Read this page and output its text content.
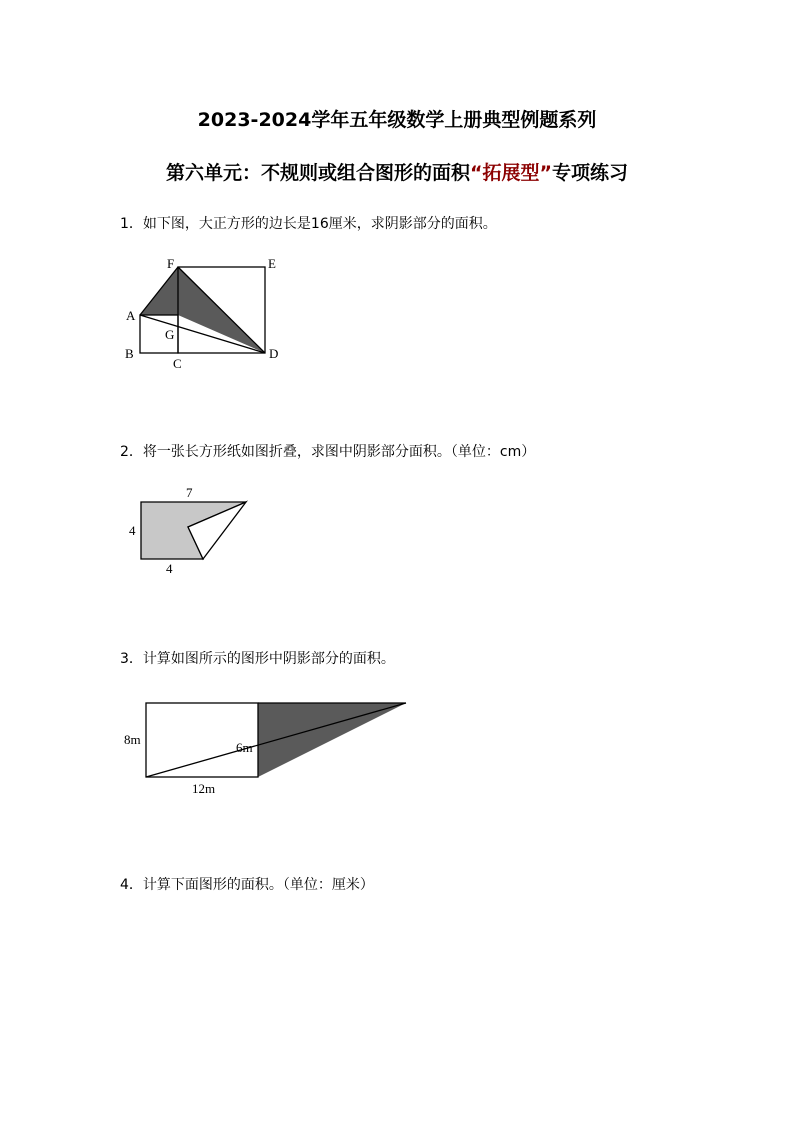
2023-2024学年五年级数学上册典型例题系列
第六单元：不规则或组合图形的面积“拓展型”专项练习
1．如下图，大正方形的边长是16厘米，求阴影部分的面积。
F	E
A
G
B
C
D
2．将一张长方形纸如图折叠，求图中阴影部分面积。（单位：cm）
7
4
4
3．计算如图所示的图形中阴影部分的面积。
8m
6m
12m
4．计算下面图形的面积。（单位：厘米）
